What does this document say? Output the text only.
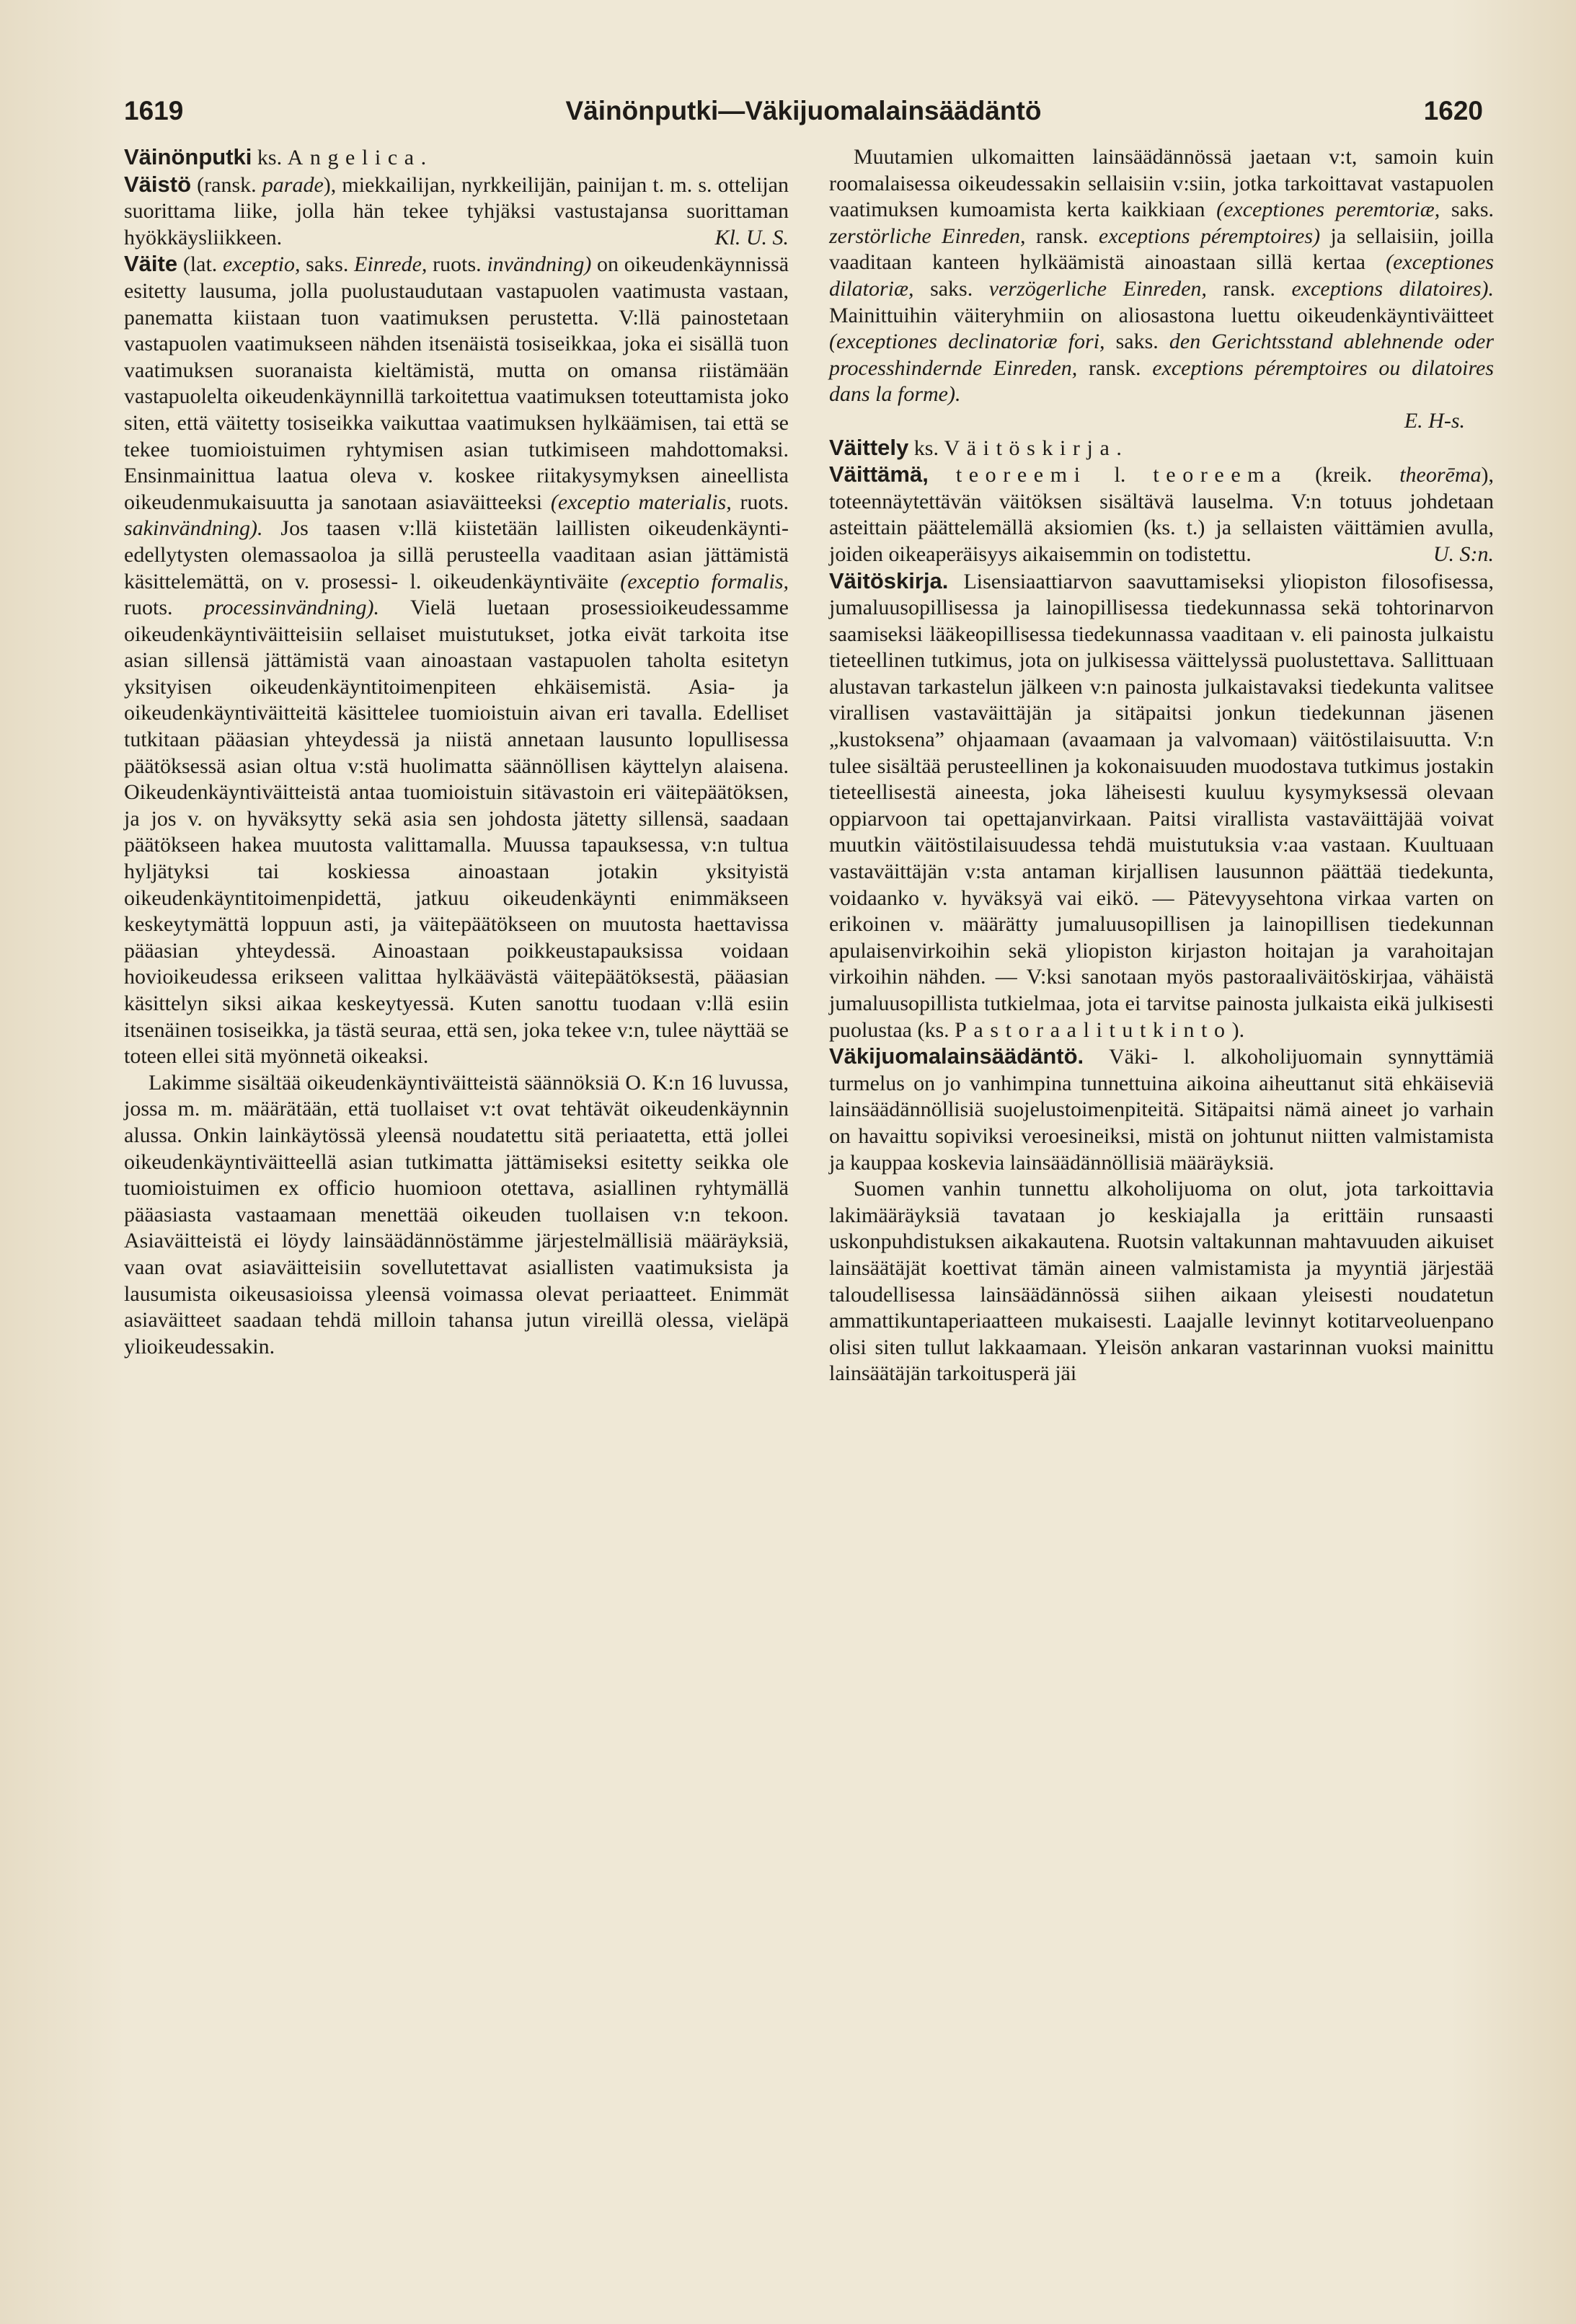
1619	Väinönputki—Väkijuomalainsäädäntö	1620

Väinönputki ks. Angelica.

Väistö (ransk. parade), miekkailijan, nyrkkeilijän, painijan t. m. s. ottelijan suorittama liike, jolla hän tekee tyhjäksi vastustajansa suorittaman hyökkäysliikkeen.	Kl. U. S.

Väite (lat. exceptio, saks. Einrede, ruots. invändning) on oikeudenkäynnissä esitetty lausuma, jolla puolustaudutaan vastapuolen vaatimusta vastaan, panematta kiistaan tuon vaatimuksen perustetta. V:llä painostetaan vastapuolen vaatimukseen nähden itsenäistä tosiseikkaa, joka ei sisällä tuon vaatimuksen suoranaista kieltämistä, mutta on omansa riistämään vastapuolelta oikeudenkäynnillä tarkoitettua vaatimuksen toteuttamista joko siten, että väitetty tosiseikka vaikuttaa vaatimuksen hylkäämisen, tai että se tekee tuomioistuimen ryhtymisen asian tutkimiseen mahdottomaksi. Ensinmainittua laatua oleva v. koskee riitakysymyksen aineellista oikeudenmukaisuutta ja sanotaan asiaväitteeksi (exceptio materialis, ruots. sakinvändning). Jos taasen v:llä kiistetään laillisten oikeudenkäynti-edellytysten olemassaoloa ja sillä perusteella vaaditaan asian jättämistä käsittelemättä, on v. prosessi- l. oikeudenkäyntiväite (exceptio formalis, ruots. processinvändning). Vielä luetaan prosessioikeudessamme oikeudenkäyntiväitteisiin sellaiset muistutukset, jotka eivät tarkoita itse asian sillensä jättämistä vaan ainoastaan vastapuolen taholta esitetyn yksityisen oikeudenkäyntitoimenpiteen ehkäisemistä. Asia- ja oikeudenkäyntiväitteitä käsittelee tuomioistuin aivan eri tavalla. Edelliset tutkitaan pääasian yhteydessä ja niistä annetaan lausunto lopullisessa päätöksessä asian oltua v:stä huolimatta säännöllisen käyttelyn alaisena. Oikeudenkäyntiväitteistä antaa tuomioistuin sitävastoin eri väitepäätöksen, ja jos v. on hyväksytty sekä asia sen johdosta jätetty sillensä, saadaan päätökseen hakea muutosta valittamalla. Muussa tapauksessa, v:n tultua hyljätyksi tai koskiessa ainoastaan jotakin yksityistä oikeudenkäyntitoimenpidettä, jatkuu oikeudenkäynti enimmäkseen keskeytymättä loppuun asti, ja väitepäätökseen on muutosta haettavissa pääasian yhteydessä. Ainoastaan poikkeustapauksissa voidaan hovioikeudessa erikseen valittaa hylkäävästä väitepäätöksestä, pääasian käsittelyn siksi aikaa keskeytyessä. Kuten sanottu tuodaan v:llä esiin itsenäinen tosiseikka, ja tästä seuraa, että sen, joka tekee v:n, tulee näyttää se toteen ellei sitä myönnetä oikeaksi.

Lakimme sisältää oikeudenkäyntiväitteistä säännöksiä O. K:n 16 luvussa, jossa m. m. määrätään, että tuollaiset v:t ovat tehtävät oikeudenkäynnin alussa. Onkin lainkäytössä yleensä noudatettu sitä periaatetta, että jollei oikeudenkäyntiväitteellä asian tutkimatta jättämiseksi esitetty seikka ole tuomioistuimen ex officio huomioon otettava, asiallinen ryhtymällä pääasiasta vastaamaan menettää oikeuden tuollaisen v:n tekoon. Asiaväitteistä ei löydy lainsäädännöstämme järjestelmällisiä määräyksiä, vaan ovat asiaväitteisiin sovellutettavat asiallisten vaatimuksista ja lausumista oikeusasioissa yleensä voimassa olevat periaatteet. Enimmät asiaväitteet saadaan tehdä milloin tahansa jutun vireillä olessa, vieläpä ylioikeudessakin.

Muutamien ulkomaitten lainsäädännössä jaetaan v:t, samoin kuin roomalaisessa oikeudessakin sellaisiin v:siin, jotka tarkoittavat vastapuolen vaatimuksen kumoamista kerta kaikkiaan (exceptiones peremtoriæ, saks. zerstörliche Einreden, ransk. exceptions péremptoires) ja sellaisiin, joilla vaaditaan kanteen hylkäämistä ainoastaan sillä kertaa (exceptiones dilatoriæ, saks. verzögerliche Einreden, ransk. exceptions dilatoires). Mainittuihin väiteryhmiin on aliosastona luettu oikeudenkäyntiväitteet (exceptiones declinatoriæ fori, saks. den Gerichtsstand ablehnende oder processhindernde Einreden, ransk. exceptions péremptoires ou dilatoires dans la forme).
E. H-s.

Väittely ks. Väitöskirja.

Väittämä, teoreemi l. teoreema (kreik. theorēma), toteennäytettävän väitöksen sisältävä lauselma. V:n totuus johdetaan asteittain päättelemällä aksiomien (ks. t.) ja sellaisten väittämien avulla, joiden oikeaperäisyys aikaisemmin on todistettu.	U. S:n.

Väitöskirja. Lisensiaattiarvon saavuttamiseksi yliopiston filosofisessa, jumaluusopillisessa ja lainopillisessa tiedekunnassa sekä tohtorinarvon saamiseksi lääkeopillisessa tiedekunnassa vaaditaan v. eli painosta julkaistu tieteellinen tutkimus, jota on julkisessa väittelyssä puolustettava. Sallittuaan alustavan tarkastelun jälkeen v:n painosta julkaistavaksi tiedekunta valitsee virallisen vastaväittäjän ja sitäpaitsi jonkun tiedekunnan jäsenen „kustoksena” ohjaamaan (avaamaan ja valvomaan) väitöstilaisuutta. V:n tulee sisältää perusteellinen ja kokonaisuuden muodostava tutkimus jostakin tieteellisestä aineesta, joka läheisesti kuuluu kysymyksessä olevaan oppiarvoon tai opettajanvirkaan. Paitsi virallista vastaväittäjää voivat muutkin väitöstilaisuudessa tehdä muistutuksia v:aa vastaan. Kuultuaan vastaväittäjän v:sta antaman kirjallisen lausunnon päättää tiedekunta, voidaanko v. hyväksyä vai eikö. — Pätevyysehtona virkaa varten on erikoinen v. määrätty jumaluusopillisen ja lainopillisen tiedekunnan apulaisenvirkoihin sekä yliopiston kirjaston hoitajan ja varahoitajan virkoihin nähden. — V:ksi sanotaan myös pastoraaliväitöskirjaa, vähäistä jumaluusopillista tutkielmaa, jota ei tarvitse painosta julkaista eikä julkisesti puolustaa (ks. Pastoraalitutkinto).

Väkijuomalainsäädäntö. Väki- l. alkoholijuomain synnyttämiä turmelus on jo vanhimpina tunnettuina aikoina aiheuttanut sitä ehkäiseviä lainsäädännöllisiä suojelustoimenpiteitä. Sitäpaitsi nämä aineet jo varhain on havaittu sopiviksi veroesineiksi, mistä on johtunut niitten valmistamista ja kauppaa koskevia lainsäädännöllisiä määräyksiä.

Suomen vanhin tunnettu alkoholijuoma on olut, jota tarkoittavia lakimääräyksiä tavataan jo keskiajalla ja erittäin runsaasti uskonpuhdistuksen aikakautena. Ruotsin valtakunnan mahtavuuden aikuiset lainsäätäjät koettivat tämän aineen valmistamista ja myyntiä järjestää taloudellisessa lainsäädännössä siihen aikaan yleisesti noudatetun ammattikuntaperiaatteen mukaisesti. Laajalle levinnyt kotitarveoluenpano olisi siten tullut lakkaamaan. Yleisön ankaran vastarinnan vuoksi mainittu lainsäätäjän tarkoitusperä jäi
